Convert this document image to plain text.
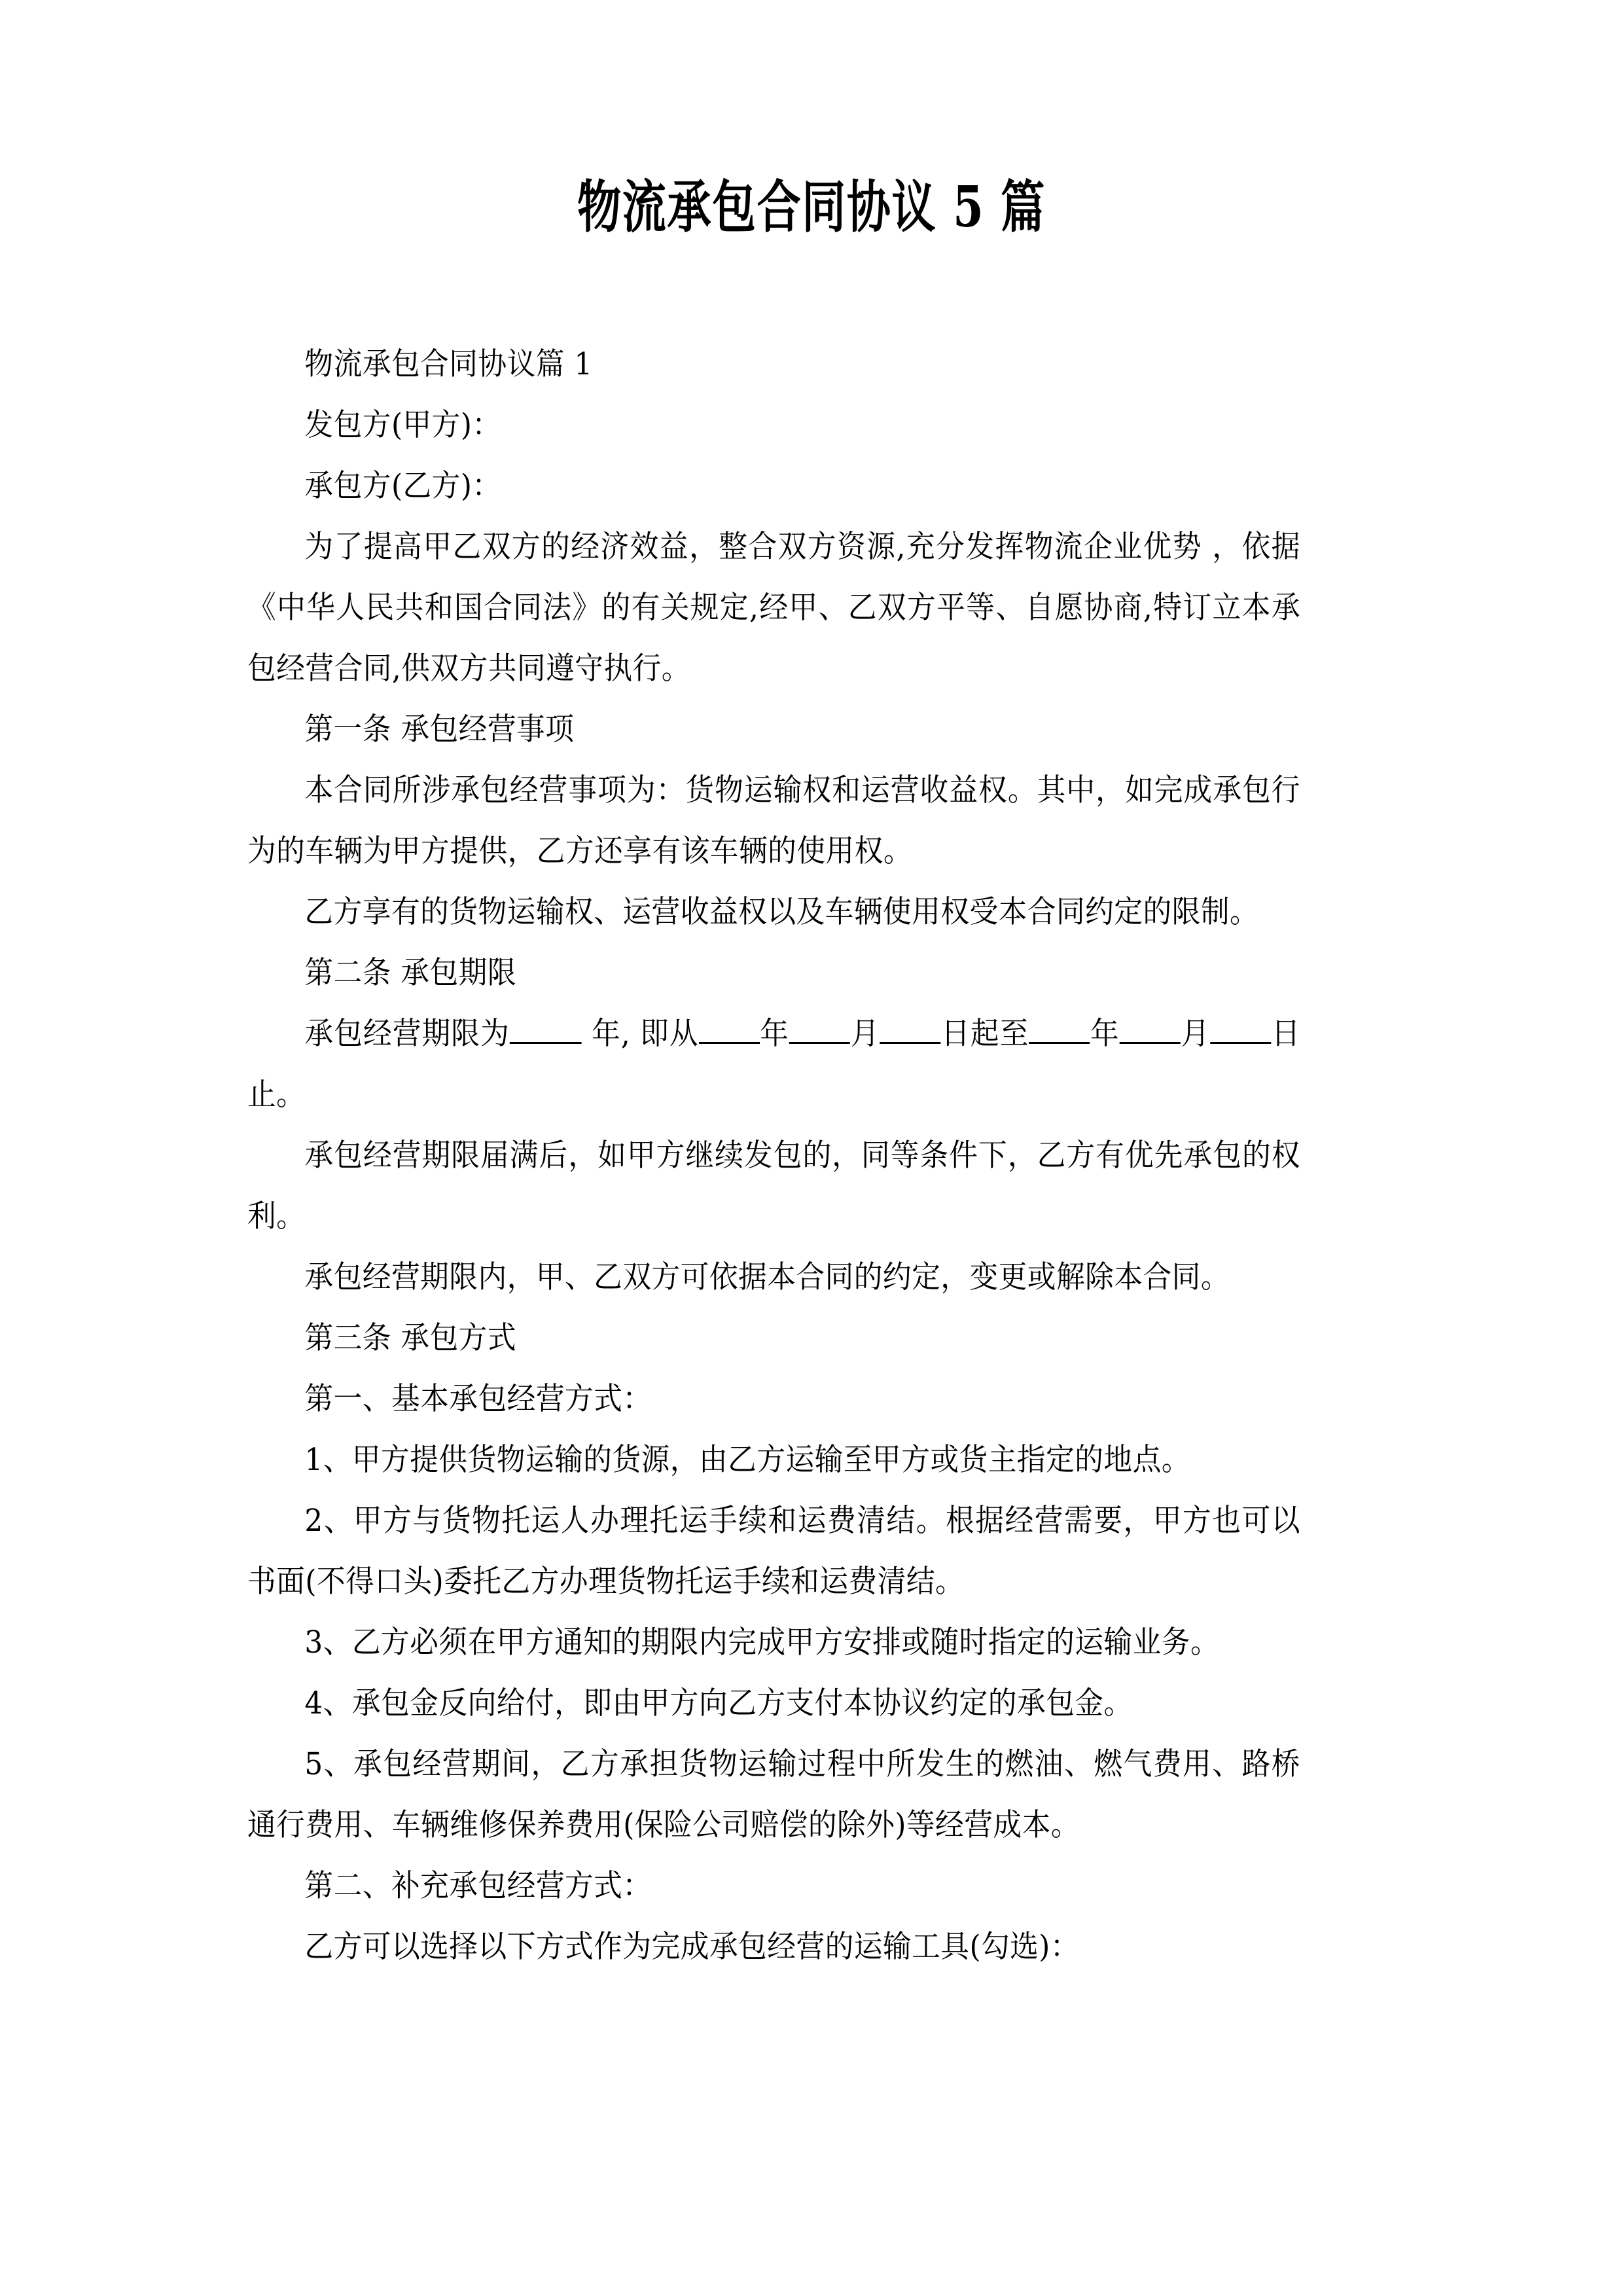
物流承包合同协议 5 篇

物流承包合同协议篇 1

发包方(甲方)：

承包方(乙方)：

为了提高甲乙双方的经济效益，整合双方资源,充分发挥物流企业优势 ，依据《中华人民共和国合同法》的有关规定,经甲、乙双方平等、自愿协商,特订立本承包经营合同,供双方共同遵守执行。

第一条 承包经营事项

本合同所涉承包经营事项为：货物运输权和运营收益权。其中，如完成承包行为的车辆为甲方提供，乙方还享有该车辆的使用权。

乙方享有的货物运输权、运营收益权以及车辆使用权受本合同约定的限制。

第二条 承包期限

承包经营期限为	年, 即从 年 月 日起至 年 月 日止。

承包经营期限届满后，如甲方继续发包的，同等条件下，乙方有优先承包的权利。

承包经营期限内，甲、乙双方可依据本合同的约定，变更或解除本合同。

第三条 承包方式

第一、基本承包经营方式：

1、甲方提供货物运输的货源，由乙方运输至甲方或货主指定的地点。

2、甲方与货物托运人办理托运手续和运费清结。根据经营需要，甲方也可以书面(不得口头)委托乙方办理货物托运手续和运费清结。

3、乙方必须在甲方通知的期限内完成甲方安排或随时指定的运输业务。

4、承包金反向给付，即由甲方向乙方支付本协议约定的承包金。

5、承包经营期间，乙方承担货物运输过程中所发生的燃油、燃气费用、路桥通行费用、车辆维修保养费用(保险公司赔偿的除外)等经营成本。

第二、补充承包经营方式：

乙方可以选择以下方式作为完成承包经营的运输工具(勾选)：
